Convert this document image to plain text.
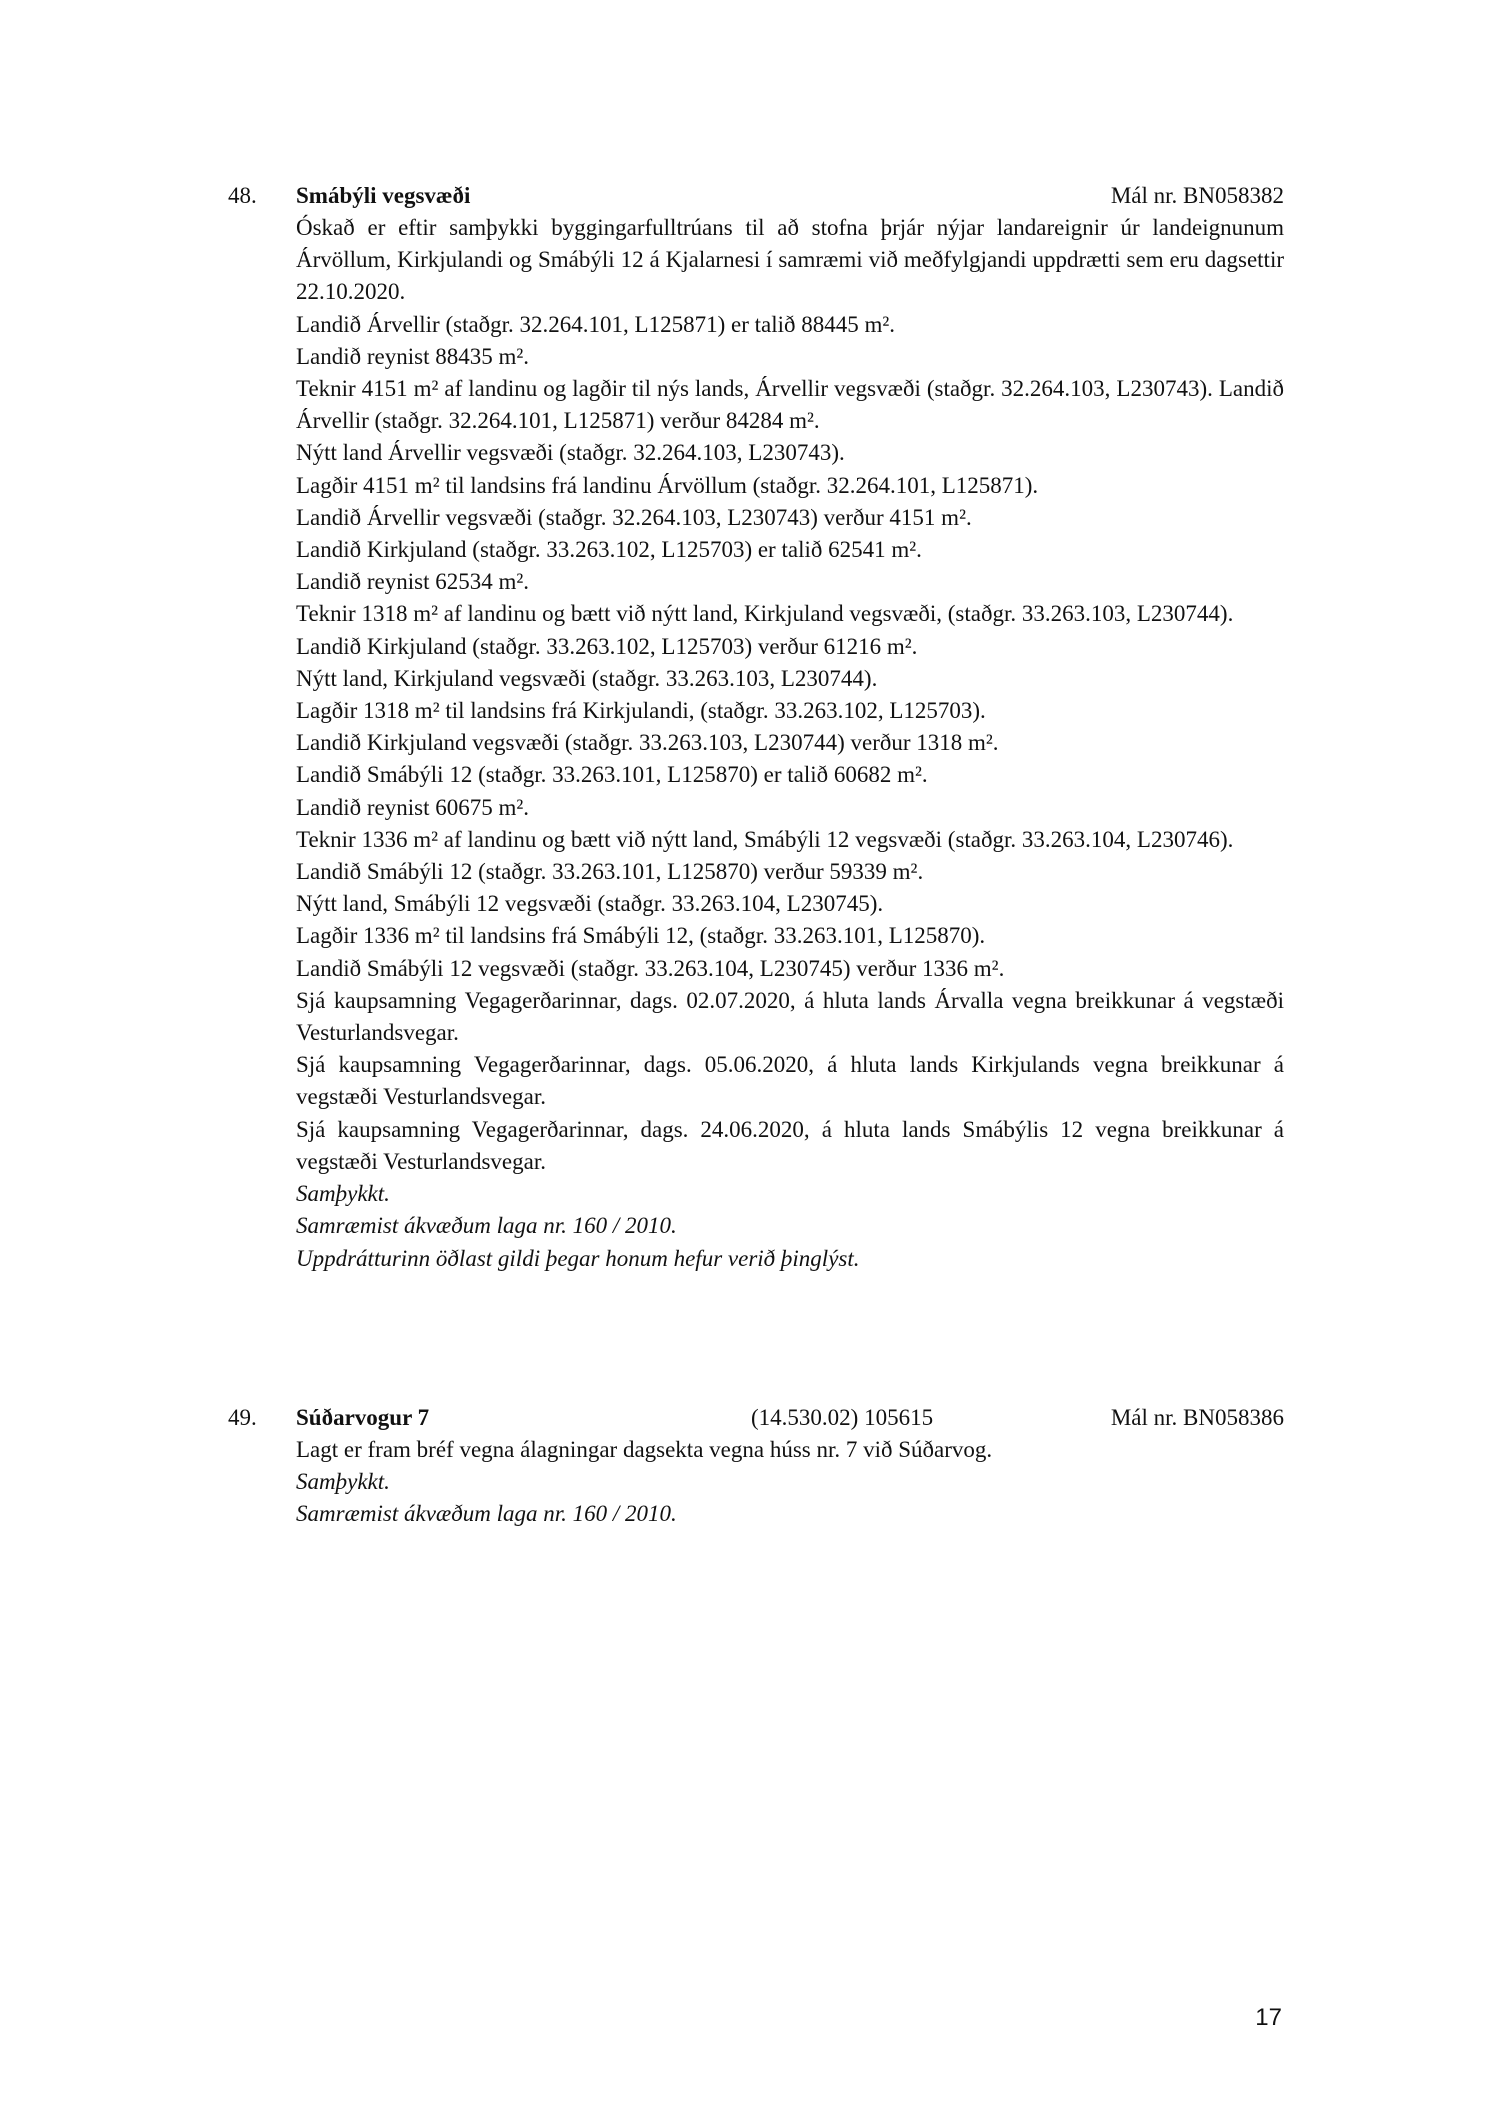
48. Smábýli vegsvæði	Mál nr. BN058382

Óskað er eftir samþykki byggingarfulltrúans til að stofna þrjár nýjar landareignir úr landeignunum Árvöllum, Kirkjulandi og Smábýli 12 á Kjalarnesi í samræmi við meðfylgjandi uppdrætti sem eru dagsettir 22.10.2020.

Landið Árvellir (staðgr. 32.264.101, L125871) er talið 88445 m².

Landið reynist 88435 m².

Teknir 4151 m² af landinu og lagðir til nýs lands, Árvellir vegsvæði (staðgr. 32.264.103, L230743). Landið Árvellir (staðgr. 32.264.101, L125871) verður 84284 m².

Nýtt land Árvellir vegsvæði (staðgr. 32.264.103, L230743).

Lagðir 4151 m² til landsins frá landinu Árvöllum (staðgr. 32.264.101, L125871).

Landið Árvellir vegsvæði (staðgr. 32.264.103, L230743) verður 4151 m².

Landið Kirkjuland (staðgr. 33.263.102, L125703) er talið 62541 m².

Landið reynist 62534 m².

Teknir 1318 m² af landinu og bætt við nýtt land, Kirkjuland vegsvæði, (staðgr. 33.263.103, L230744).

Landið Kirkjuland (staðgr. 33.263.102, L125703) verður 61216 m².

Nýtt land, Kirkjuland vegsvæði (staðgr. 33.263.103, L230744).

Lagðir 1318 m² til landsins frá Kirkjulandi, (staðgr. 33.263.102, L125703).

Landið Kirkjuland vegsvæði (staðgr. 33.263.103, L230744) verður 1318 m².

Landið Smábýli 12 (staðgr. 33.263.101, L125870) er talið 60682 m².

Landið reynist 60675 m².

Teknir 1336 m² af landinu og bætt við nýtt land, Smábýli 12 vegsvæði (staðgr. 33.263.104, L230746).

Landið Smábýli 12 (staðgr. 33.263.101, L125870) verður 59339 m².

Nýtt land, Smábýli 12 vegsvæði (staðgr. 33.263.104, L230745).

Lagðir 1336 m² til landsins frá Smábýli 12, (staðgr. 33.263.101, L125870).

Landið Smábýli 12 vegsvæði (staðgr. 33.263.104, L230745) verður 1336 m².

Sjá kaupsamning Vegagerðarinnar, dags. 02.07.2020, á hluta lands Árvalla vegna breikkunar á vegstæði Vesturlandsvegar.

Sjá kaupsamning Vegagerðarinnar, dags. 05.06.2020, á hluta lands Kirkjulands vegna breikkunar á vegstæði Vesturlandsvegar.

Sjá kaupsamning Vegagerðarinnar, dags. 24.06.2020, á hluta lands Smábýlis 12 vegna breikkunar á vegstæði Vesturlandsvegar.

Samþykkt.

Samræmist ákvæðum laga nr. 160 / 2010.

Uppdrátturinn öðlast gildi þegar honum hefur verið þinglýst.

49. Súðarvogur 7	(14.530.02) 105615	Mál nr. BN058386

Lagt er fram bréf vegna álagningar dagsekta vegna húss nr. 7 við Súðarvog.

Samþykkt.

Samræmist ákvæðum laga nr. 160 / 2010.

17
